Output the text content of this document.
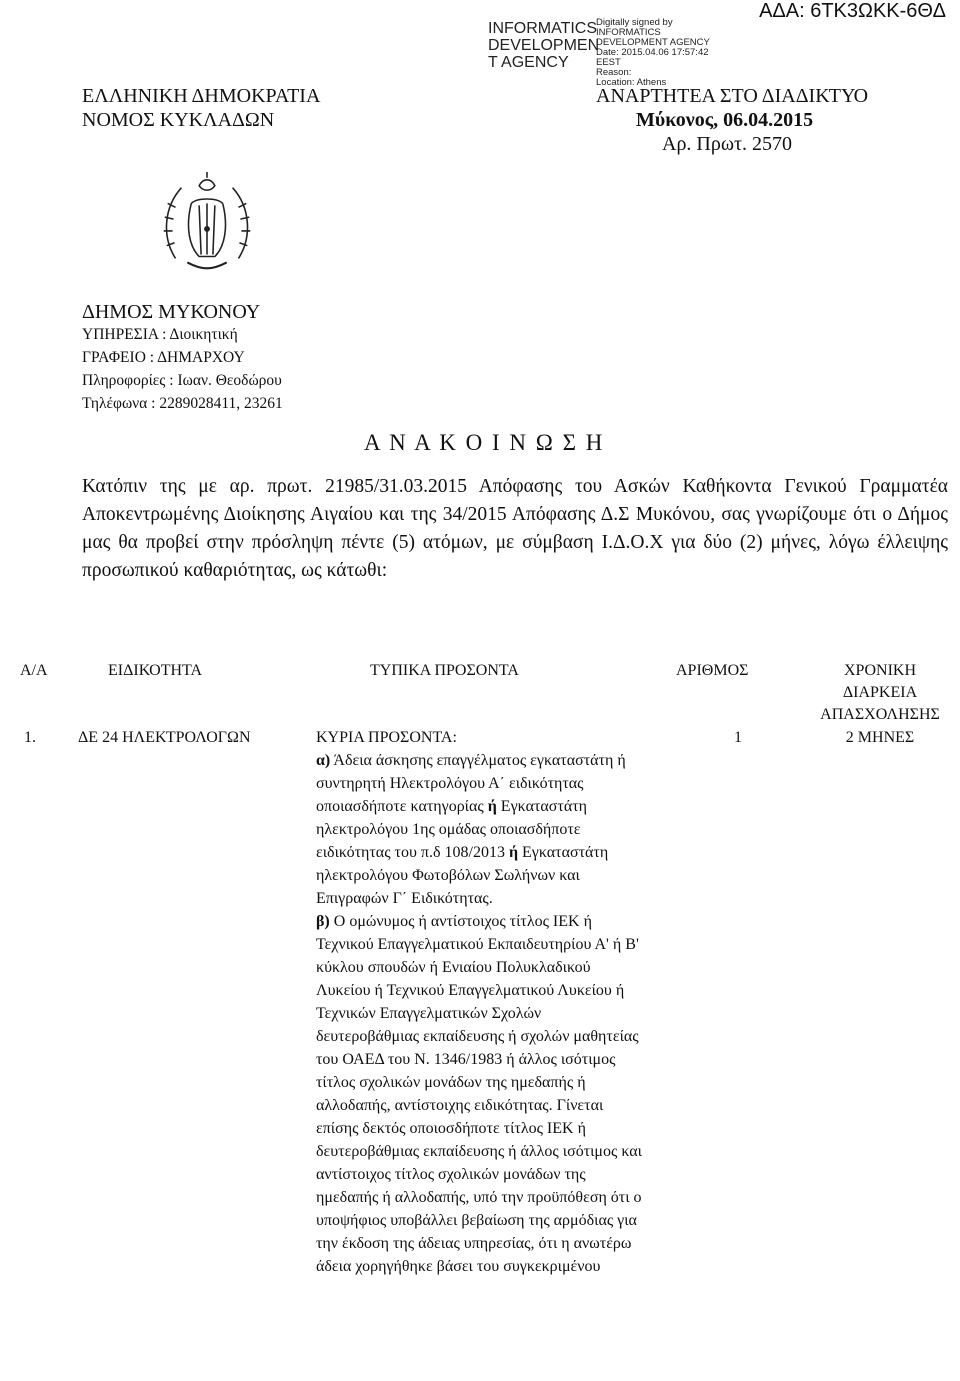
INFORMATICS
DEVELOPMEN
T AGENCY
Digitally signed by
INFORMATICS
DEVELOPMENT AGENCY
Date: 2015.04.06 17:57:42
EEST
Reason:
Location: Athens
ΑΔΑ: 6ΤΚ3ΩΚΚ-6ΘΔ
ΕΛΛΗΝΙΚΗ ΔΗΜΟΚΡΑΤΙΑ
ΝΟΜΟΣ ΚΥΚΛΑΔΩΝ
ΑΝΑΡΤΗΤΕΑ ΣΤΟ ΔΙΑΔΙΚΤΥΟ
Μύκονος, 06.04.2015
Αρ. Πρωτ. 2570
ΔΗΜΟΣ ΜΥΚΟΝΟΥ
ΥΠΗΡΕΣΙΑ : Διοικητική
ΓΡΑΦΕΙΟ : ΔΗΜΑΡΧΟΥ
Πληροφορίες : Ιωαν. Θεοδώρου
Τηλέφωνα : 2289028411, 23261
Α Ν Α Κ Ο Ι Ν Ω Σ Η
Κατόπιν της με αρ. πρωτ. 21985/31.03.2015 Απόφασης του Ασκών Καθήκοντα Γενικού Γραμματέα Αποκεντρωμένης Διοίκησης Αιγαίου και της 34/2015 Απόφασης Δ.Σ Μυκόνου, σας γνωρίζουμε ότι ο Δήμος μας θα προβεί στην πρόσληψη πέντε (5) ατόμων, με σύμβαση Ι.Δ.Ο.Χ για δύο (2) μήνες, λόγω έλλειψης προσωπικού καθαριότητας, ως κάτωθι:
Α/Α	ΕΙΔΙΚΟΤΗΤΑ	ΤΥΠΙΚΑ ΠΡΟΣΟΝΤΑ	ΑΡΙΘΜΟΣ	ΧΡΟΝΙΚΗ ΔΙΑΡΚΕΙΑ ΑΠΑΣΧΟΛΗΣΗΣ
1.	ΔΕ 24 ΗΛΕΚΤΡΟΛΟΓΩΝ	ΚΥΡΙΑ ΠΡΟΣΟΝΤΑ:
α) Άδεια άσκησης επαγγέλματος εγκαταστάτη ή συντηρητή Ηλεκτρολόγου Α΄ ειδικότητας οποιασδήποτε κατηγορίας ή Εγκαταστάτη ηλεκτρολόγου 1ης ομάδας οποιασδήποτε ειδικότητας του π.δ 108/2013 ή Εγκαταστάτη ηλεκτρολόγου Φωτοβόλων Σωλήνων και Επιγραφών Γ΄ Ειδικότητας.
β) Ο ομώνυμος ή αντίστοιχος τίτλος ΙΕΚ ή Τεχνικού Επαγγελματικού Εκπαιδευτηρίου Α' ή Β' κύκλου σπουδών ή Ενιαίου Πολυκλαδικού Λυκείου ή Τεχνικού Επαγγελματικού Λυκείου ή Τεχνικών Επαγγελματικών Σχολών δευτεροβάθμιας εκπαίδευσης ή σχολών μαθητείας του ΟΑΕΔ του Ν. 1346/1983 ή άλλος ισότιμος τίτλος σχολικών μονάδων της ημεδαπής ή αλλοδαπής, αντίστοιχης ειδικότητας. Γίνεται επίσης δεκτός οποιοσδήποτε τίτλος ΙΕΚ ή δευτεροβάθμιας εκπαίδευσης ή άλλος ισότιμος και αντίστοιχος τίτλος σχολικών μονάδων της ημεδαπής ή αλλοδαπής, υπό την προϋπόθεση ότι ο υποψήφιος υποβάλλει βεβαίωση της αρμόδιας για την έκδοση της άδειας υπηρεσίας, ότι η ανωτέρω άδεια χορηγήθηκε βάσει του συγκεκριμένου	1	2 ΜΗΝΕΣ
